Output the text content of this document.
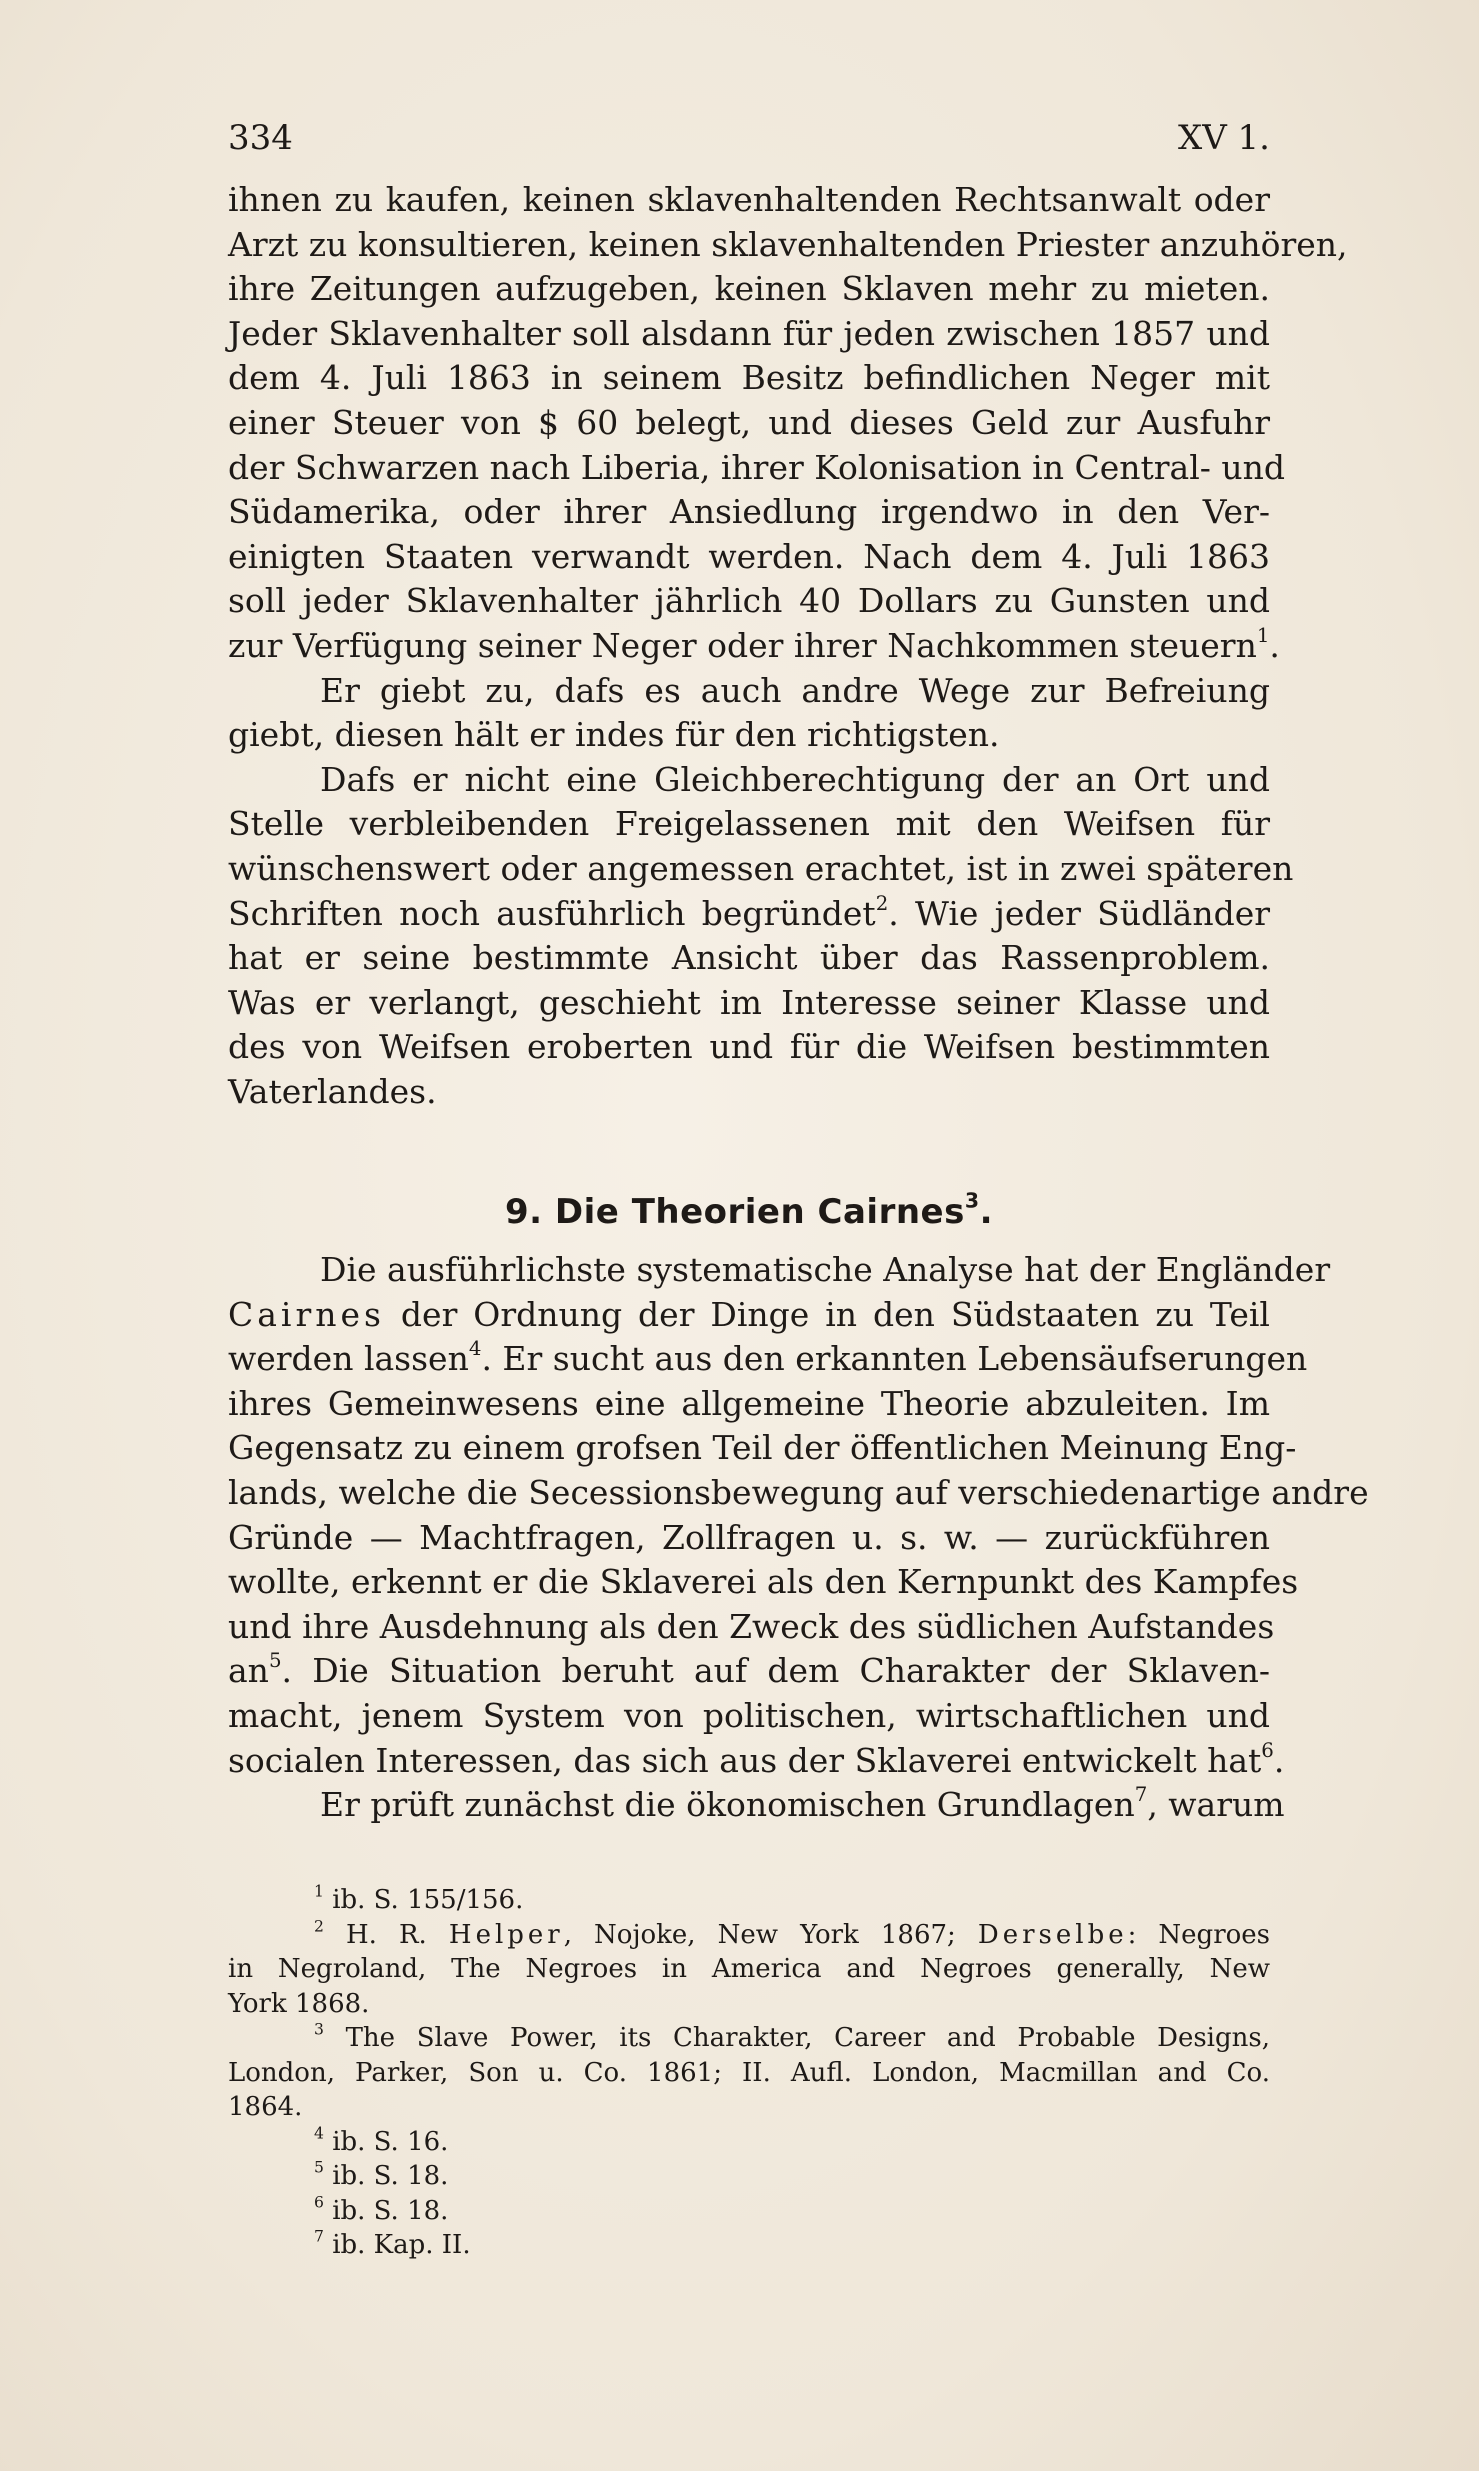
334	XV 1.
ihnen zu kaufen, keinen sklavenhaltenden Rechtsanwalt oder
Arzt zu konsultieren, keinen sklavenhaltenden Priester anzuhören,
ihre Zeitungen aufzugeben, keinen Sklaven mehr zu mieten.
Jeder Sklavenhalter soll alsdann für jeden zwischen 1857 und
dem 4. Juli 1863 in seinem Besitz befindlichen Neger mit
einer Steuer von $ 60 belegt, und dieses Geld zur Ausfuhr
der Schwarzen nach Liberia, ihrer Kolonisation in Central- und
Südamerika, oder ihrer Ansiedlung irgendwo in den Ver-
einigten Staaten verwandt werden. Nach dem 4. Juli 1863
soll jeder Sklavenhalter jährlich 40 Dollars zu Gunsten und
zur Verfügung seiner Neger oder ihrer Nachkommen steuern$^1$.
Er giebt zu, dafs es auch andre Wege zur Befreiung
giebt, diesen hält er indes für den richtigsten.
Dafs er nicht eine Gleichberechtigung der an Ort und
Stelle verbleibenden Freigelassenen mit den Weifsen für
wünschenswert oder angemessen erachtet, ist in zwei späteren
Schriften noch ausführlich begründet$^2$. Wie jeder Südländer
hat er seine bestimmte Ansicht über das Rassenproblem.
Was er verlangt, geschieht im Interesse seiner Klasse und
des von Weifsen eroberten und für die Weifsen bestimmten
Vaterlandes.
9. Die Theorien Cairnes$^3$.
Die ausführlichste systematische Analyse hat der Engländer
Cairnes der Ordnung der Dinge in den Südstaaten zu Teil
werden lassen$^4$. Er sucht aus den erkannten Lebensäufserungen
ihres Gemeinwesens eine allgemeine Theorie abzuleiten. Im
Gegensatz zu einem grofsen Teil der öffentlichen Meinung Eng-
lands, welche die Secessionsbewegung auf verschiedenartige andre
Gründe — Machtfragen, Zollfragen u. s. w. — zurückführen
wollte, erkennt er die Sklaverei als den Kernpunkt des Kampfes
und ihre Ausdehnung als den Zweck des südlichen Aufstandes
$an^5$. Die Situation beruht auf dem Charakter der Sklaven-
macht, jenem System von politischen, wirtschaftlichen und
socialen Interessen, das sich aus der Sklaverei entwickelt hat$^6$.
Er prüft zunächst die ökonomischen Grundlagen$^7$, warum
$^1$ ib. S. 155/156.
$^2$ H. R. Helper, Nojoke, New York 1867; Derselbe: Negroes
in Negroland, The Negroes in America and Negroes generally, New
York 1868.
$^3$ The Slave Power, its Charakter, Career and Probable Designs,
London, Parker, Son u. Co. 1861; II. Aufl. London, Macmillan and Co.
1864.
$^4$ ib. S. 16.
$^5$ ib. S. 18.
$^6$ ib. S. 18.
$^7$ ib. Kap. II.
